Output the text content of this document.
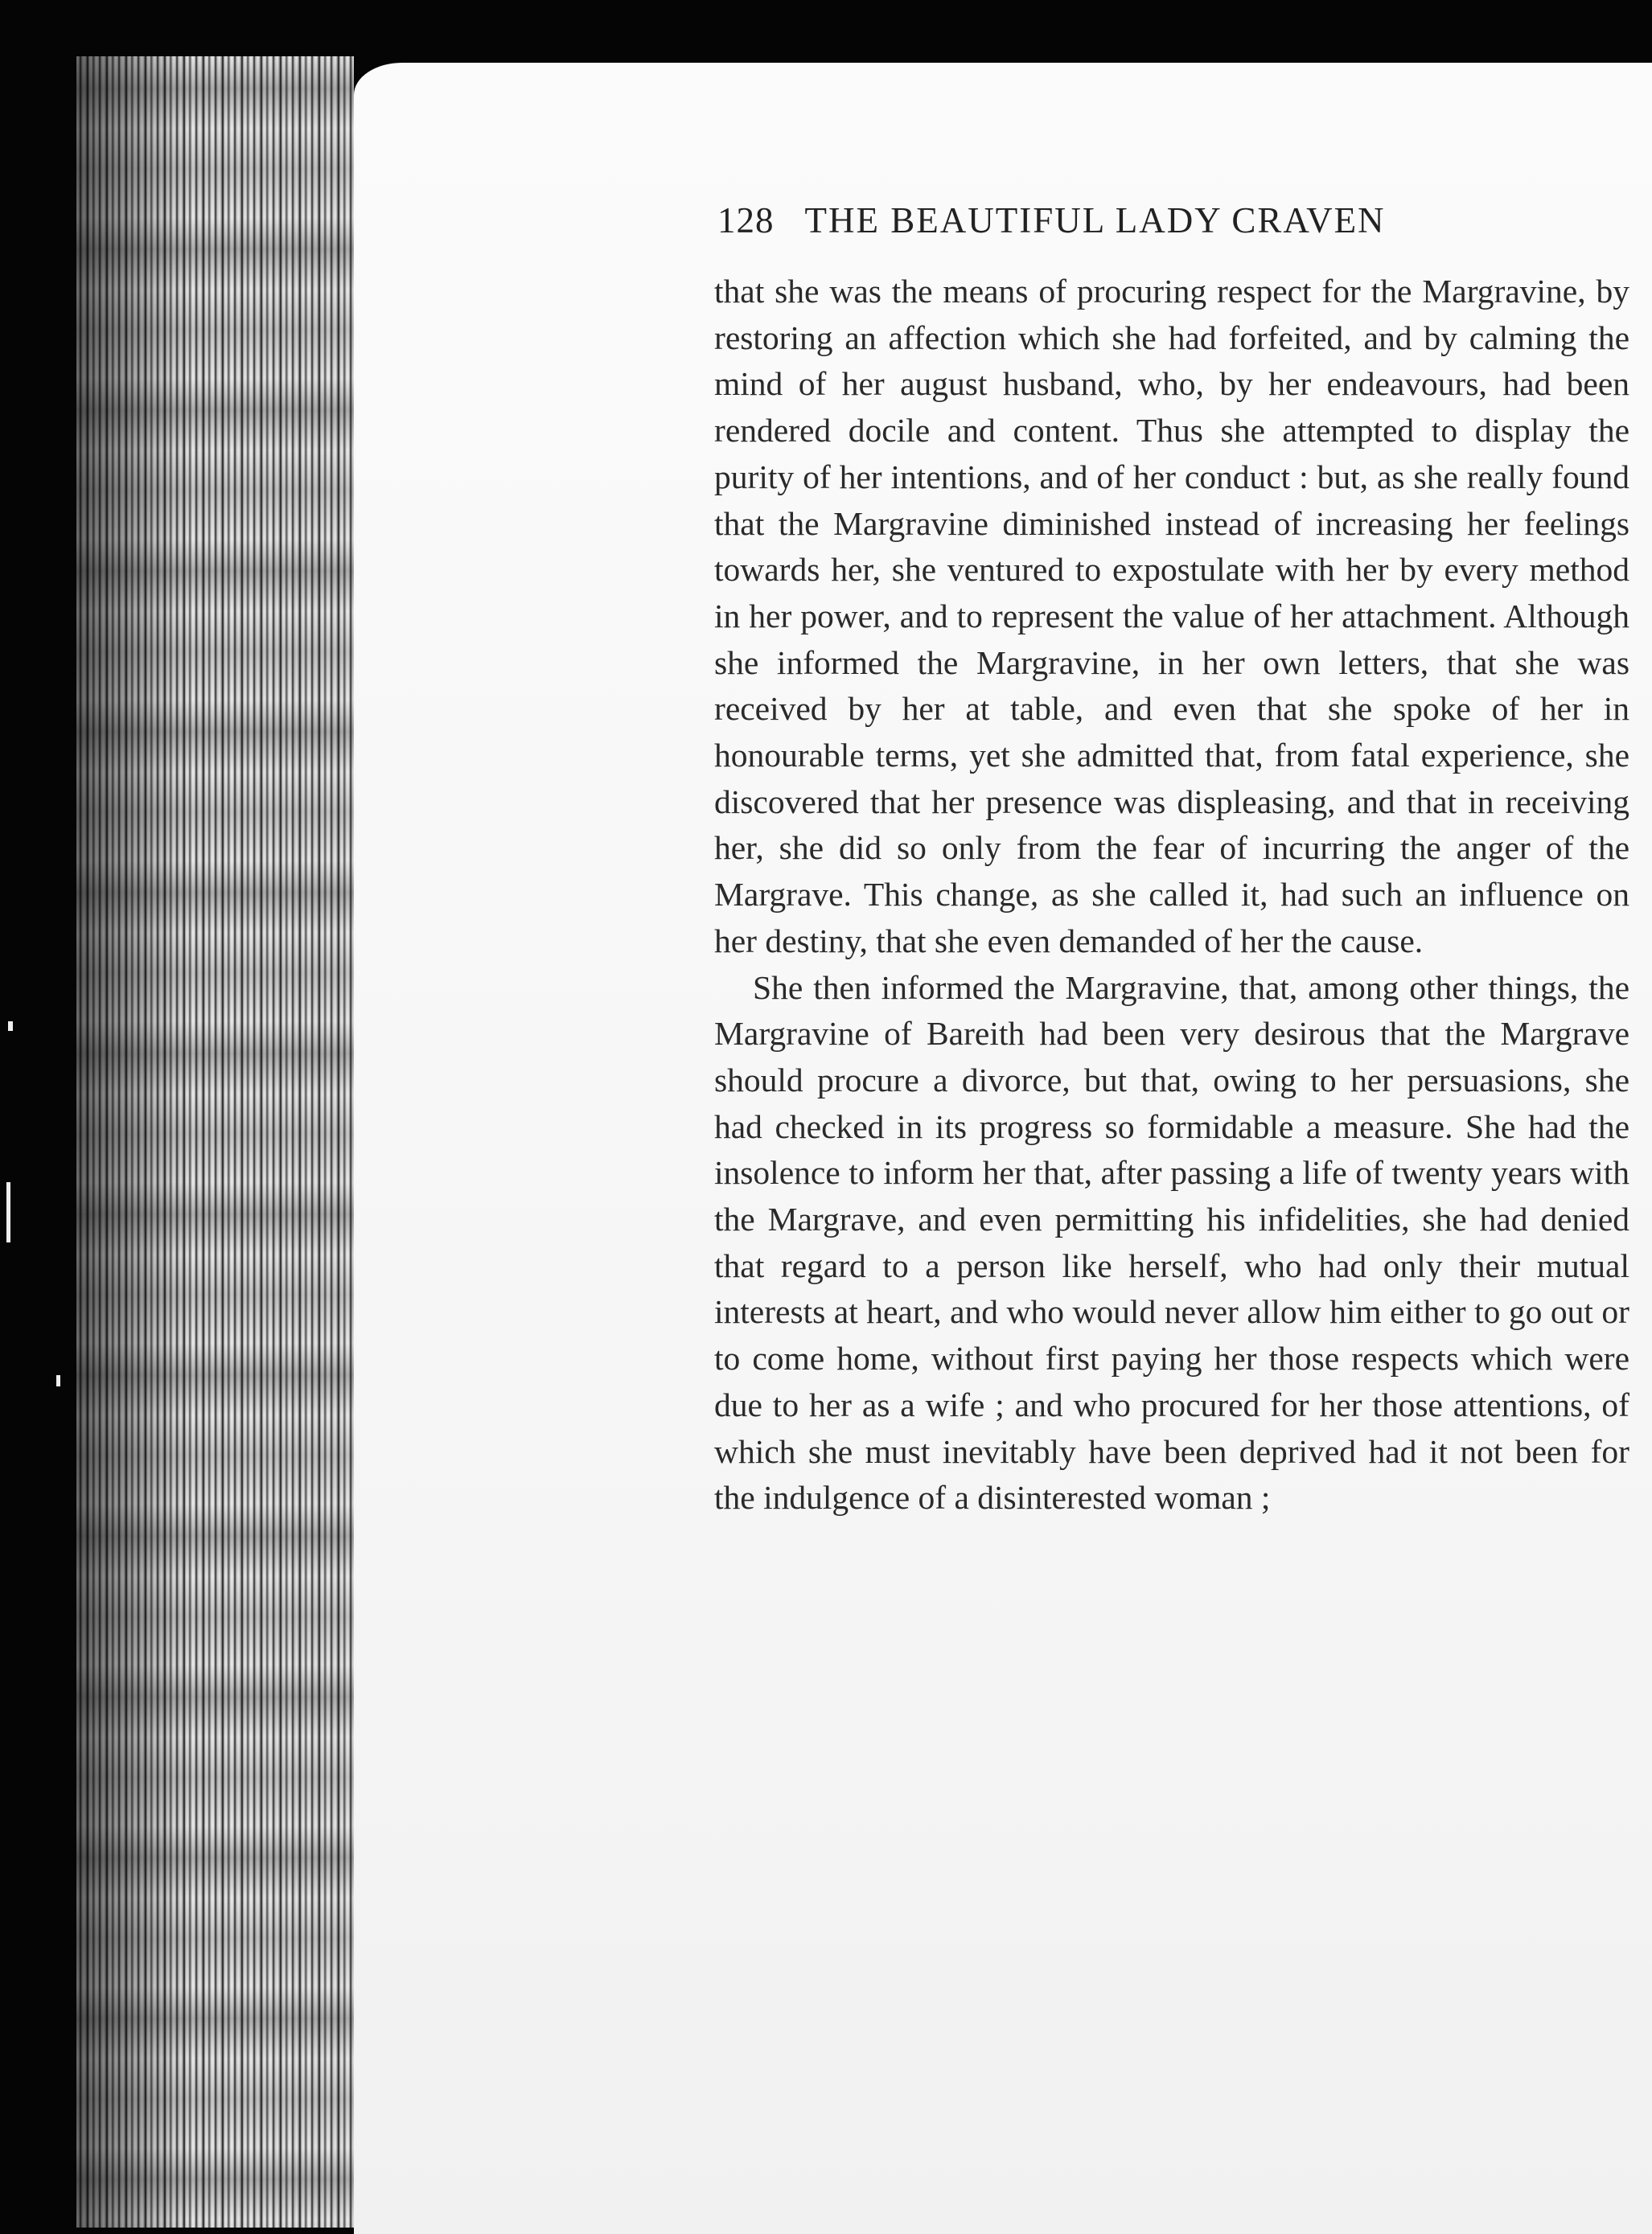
128 THE BEAUTIFUL LADY CRAVEN

that she was the means of procuring respect for the Margravine, by restoring an affection which she had forfeited, and by calming the mind of her august husband, who, by her endeavours, had been rendered docile and content. Thus she attempted to display the purity of her intentions, and of her conduct : but, as she really found that the Margravine diminished instead of increasing her feelings towards her, she ventured to expostulate with her by every method in her power, and to represent the value of her attachment. Although she informed the Margravine, in her own letters, that she was received by her at table, and even that she spoke of her in honourable terms, yet she admitted that, from fatal experience, she discovered that her presence was displeasing, and that in receiving her, she did so only from the fear of incurring the anger of the Margrave. This change, as she called it, had such an influence on her destiny, that she even demanded of her the cause.

She then informed the Margravine, that, among other things, the Margravine of Bareith had been very desirous that the Margrave should procure a divorce, but that, owing to her persuasions, she had checked in its progress so formidable a measure. She had the insolence to inform her that, after passing a life of twenty years with the Margrave, and even permitting his infidelities, she had denied that regard to a person like herself, who had only their mutual interests at heart, and who would never allow him either to go out or to come home, without first paying her those respects which were due to her as a wife ; and who procured for her those attentions, of which she must inevitably have been deprived had it not been for the indulgence of a disinterested woman ;
